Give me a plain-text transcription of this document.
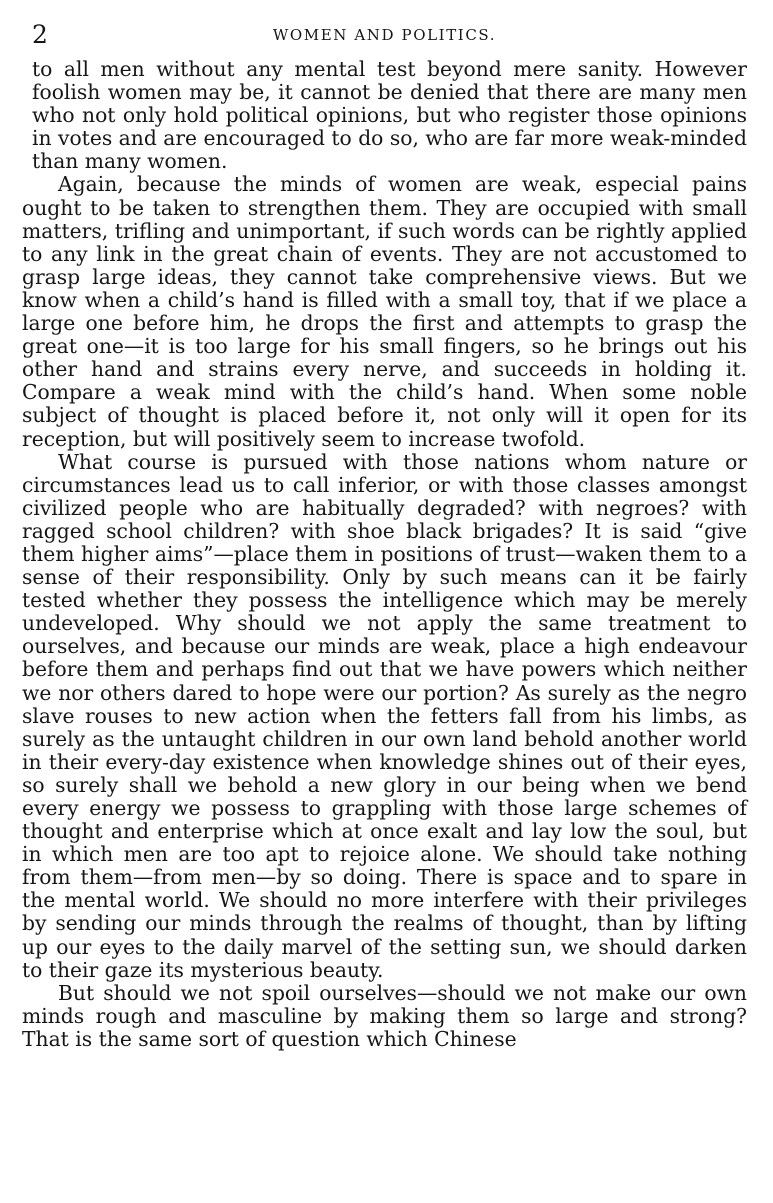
2	WOMEN AND POLITICS.

to all men without any mental test beyond mere sanity. However foolish women may be, it cannot be denied that there are many men who not only hold political opinions, but who register those opinions in votes and are encouraged to do so, who are far more weak-minded than many women.

Again, because the minds of women are weak, especial pains ought to be taken to strengthen them. They are occupied with small matters, trifling and unimportant, if such words can be rightly applied to any link in the great chain of events. They are not accustomed to grasp large ideas, they cannot take comprehensive views. But we know when a child’s hand is filled with a small toy, that if we place a large one before him, he drops the first and attempts to grasp the great one—it is too large for his small fingers, so he brings out his other hand and strains every nerve, and succeeds in holding it. Compare a weak mind with the child’s hand. When some noble subject of thought is placed before it, not only will it open for its reception, but will positively seem to increase twofold.

What course is pursued with those nations whom nature or circumstances lead us to call inferior, or with those classes amongst civilized people who are habitually degraded? with negroes? with ragged school children? with shoe black brigades? It is said “give them higher aims”—place them in positions of trust—waken them to a sense of their responsibility. Only by such means can it be fairly tested whether they possess the intelligence which may be merely undeveloped. Why should we not apply the same treatment to ourselves, and because our minds are weak, place a high endeavour before them and perhaps find out that we have powers which neither we nor others dared to hope were our portion? As surely as the negro slave rouses to new action when the fetters fall from his limbs, as surely as the untaught children in our own land behold another world in their every-day existence when knowledge shines out of their eyes, so surely shall we behold a new glory in our being when we bend every energy we possess to grappling with those large schemes of thought and enterprise which at once exalt and lay low the soul, but in which men are too apt to rejoice alone. We should take nothing from them—from men—by so doing. There is space and to spare in the mental world. We should no more interfere with their privileges by sending our minds through the realms of thought, than by lifting up our eyes to the daily marvel of the setting sun, we should darken to their gaze its mysterious beauty.

But should we not spoil ourselves—should we not make our own minds rough and masculine by making them so large and strong? That is the same sort of question which Chinese
